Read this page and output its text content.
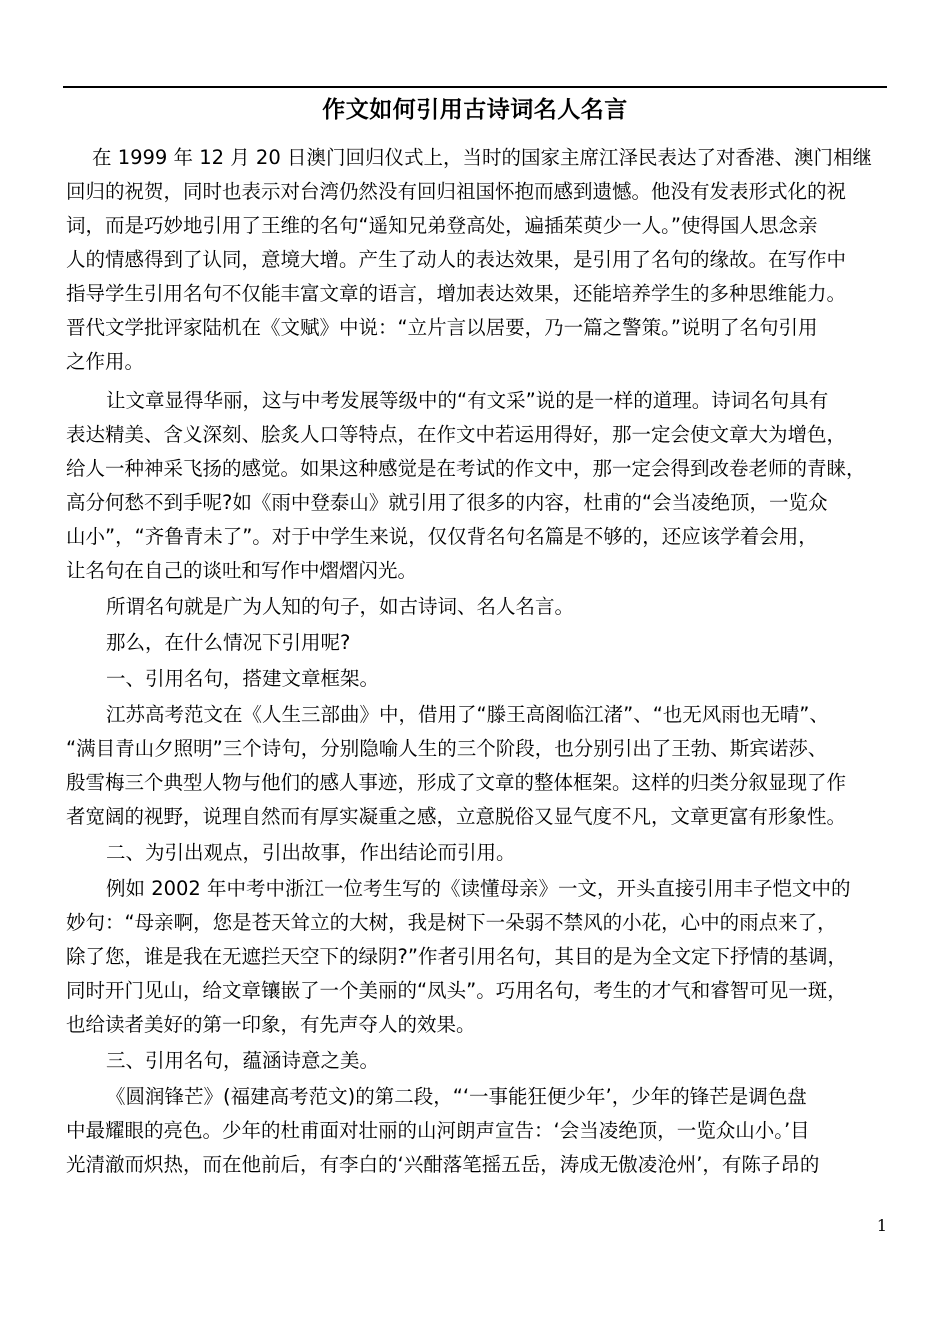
作文如何引用古诗词名人名言
在 1999 年 12 月 20 日澳门回归仪式上，当时的国家主席江泽民表达了对香港、澳门相继
回归的祝贺，同时也表示对台湾仍然没有回归祖国怀抱而感到遗憾。他没有发表形式化的祝
词，而是巧妙地引用了王维的名句“遥知兄弟登高处，遍插茱萸少一人。”使得国人思念亲
人的情感得到了认同，意境大增。产生了动人的表达效果，是引用了名句的缘故。在写作中
指导学生引用名句不仅能丰富文章的语言，增加表达效果，还能培养学生的多种思维能力。
晋代文学批评家陆机在《文赋》中说：“立片言以居要，乃一篇之警策。”说明了名句引用
之作用。
让文章显得华丽，这与中考发展等级中的“有文采”说的是一样的道理。诗词名句具有
表达精美、含义深刻、脍炙人口等特点，在作文中若运用得好，那一定会使文章大为增色，
给人一种神采飞扬的感觉。如果这种感觉是在考试的作文中，那一定会得到改卷老师的青睐，
高分何愁不到手呢?如《雨中登泰山》就引用了很多的内容，杜甫的“会当凌绝顶，一览众
山小”，“齐鲁青未了”。对于中学生来说，仅仅背名句名篇是不够的，还应该学着会用，
让名句在自己的谈吐和写作中熠熠闪光。
所谓名句就是广为人知的句子，如古诗词、名人名言。
那么，在什么情况下引用呢?
一、引用名句，搭建文章框架。
江苏高考范文在《人生三部曲》中，借用了“滕王高阁临江渚”、“也无风雨也无晴”、
“满目青山夕照明”三个诗句，分别隐喻人生的三个阶段，也分别引出了王勃、斯宾诺莎、
殷雪梅三个典型人物与他们的感人事迹，形成了文章的整体框架。这样的归类分叙显现了作
者宽阔的视野，说理自然而有厚实凝重之感，立意脱俗又显气度不凡，文章更富有形象性。
二、为引出观点，引出故事，作出结论而引用。
例如 2002 年中考中浙江一位考生写的《读懂母亲》一文，开头直接引用丰子恺文中的
妙句：“母亲啊，您是苍天耸立的大树，我是树下一朵弱不禁风的小花，心中的雨点来了，
除了您，谁是我在无遮拦天空下的绿阴?”作者引用名句，其目的是为全文定下抒情的基调，
同时开门见山，给文章镶嵌了一个美丽的“凤头”。巧用名句，考生的才气和睿智可见一斑，
也给读者美好的第一印象，有先声夺人的效果。
三、引用名句，蕴涵诗意之美。
《圆润锋芒》(福建高考范文)的第二段，“‘一事能狂便少年’，少年的锋芒是调色盘
中最耀眼的亮色。少年的杜甫面对壮丽的山河朗声宣告：‘会当凌绝顶，一览众山小。’目
光清澈而炽热，而在他前后，有李白的‘兴酣落笔摇五岳，涛成无傲凌沧州’，有陈子昂的
1
